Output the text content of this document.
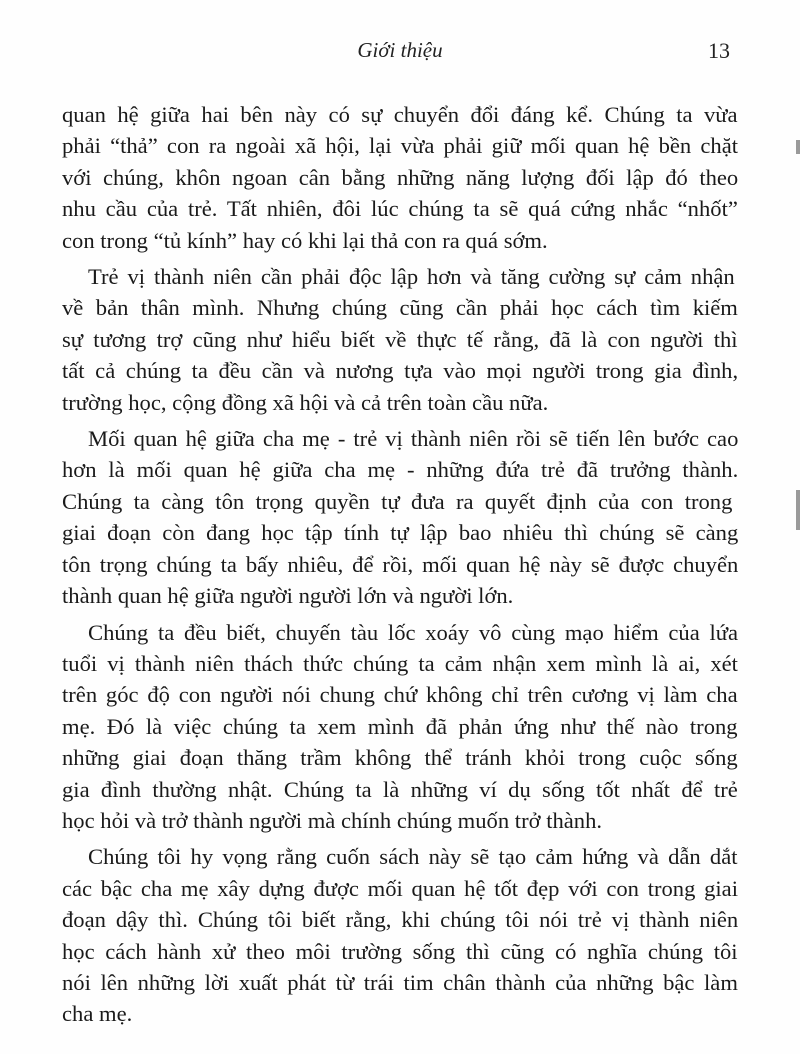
Giới thiệu	13

quan hệ giữa hai bên này có sự chuyển đổi đáng kể. Chúng ta vừa
phải “thả” con ra ngoài xã hội, lại vừa phải giữ mối quan hệ bền chặt
với chúng, khôn ngoan cân bằng những năng lượng đối lập đó theo
nhu cầu của trẻ. Tất nhiên, đôi lúc chúng ta sẽ quá cứng nhắc “nhốt”
con trong “tủ kính” hay có khi lại thả con ra quá sớm.

Trẻ vị thành niên cần phải độc lập hơn và tăng cường sự cảm nhận
về bản thân mình. Nhưng chúng cũng cần phải học cách tìm kiếm
sự tương trợ cũng như hiểu biết về thực tế rằng, đã là con người thì
tất cả chúng ta đều cần và nương tựa vào mọi người trong gia đình,
trường học, cộng đồng xã hội và cả trên toàn cầu nữa.

Mối quan hệ giữa cha mẹ - trẻ vị thành niên rồi sẽ tiến lên bước cao
hơn là mối quan hệ giữa cha mẹ - những đứa trẻ đã trưởng thành.
Chúng ta càng tôn trọng quyền tự đưa ra quyết định của con trong
giai đoạn còn đang học tập tính tự lập bao nhiêu thì chúng sẽ càng
tôn trọng chúng ta bấy nhiêu, để rồi, mối quan hệ này sẽ được chuyển
thành quan hệ giữa người người lớn và người lớn.

Chúng ta đều biết, chuyến tàu lốc xoáy vô cùng mạo hiểm của lứa
tuổi vị thành niên thách thức chúng ta cảm nhận xem mình là ai, xét
trên góc độ con người nói chung chứ không chỉ trên cương vị làm cha
mẹ. Đó là việc chúng ta xem mình đã phản ứng như thế nào trong
những giai đoạn thăng trầm không thể tránh khỏi trong cuộc sống
gia đình thường nhật. Chúng ta là những ví dụ sống tốt nhất để trẻ
học hỏi và trở thành người mà chính chúng muốn trở thành.

Chúng tôi hy vọng rằng cuốn sách này sẽ tạo cảm hứng và dẫn dắt
các bậc cha mẹ xây dựng được mối quan hệ tốt đẹp với con trong giai
đoạn dậy thì. Chúng tôi biết rằng, khi chúng tôi nói trẻ vị thành niên
học cách hành xử theo môi trường sống thì cũng có nghĩa chúng tôi
nói lên những lời xuất phát từ trái tim chân thành của những bậc làm
cha mẹ.
